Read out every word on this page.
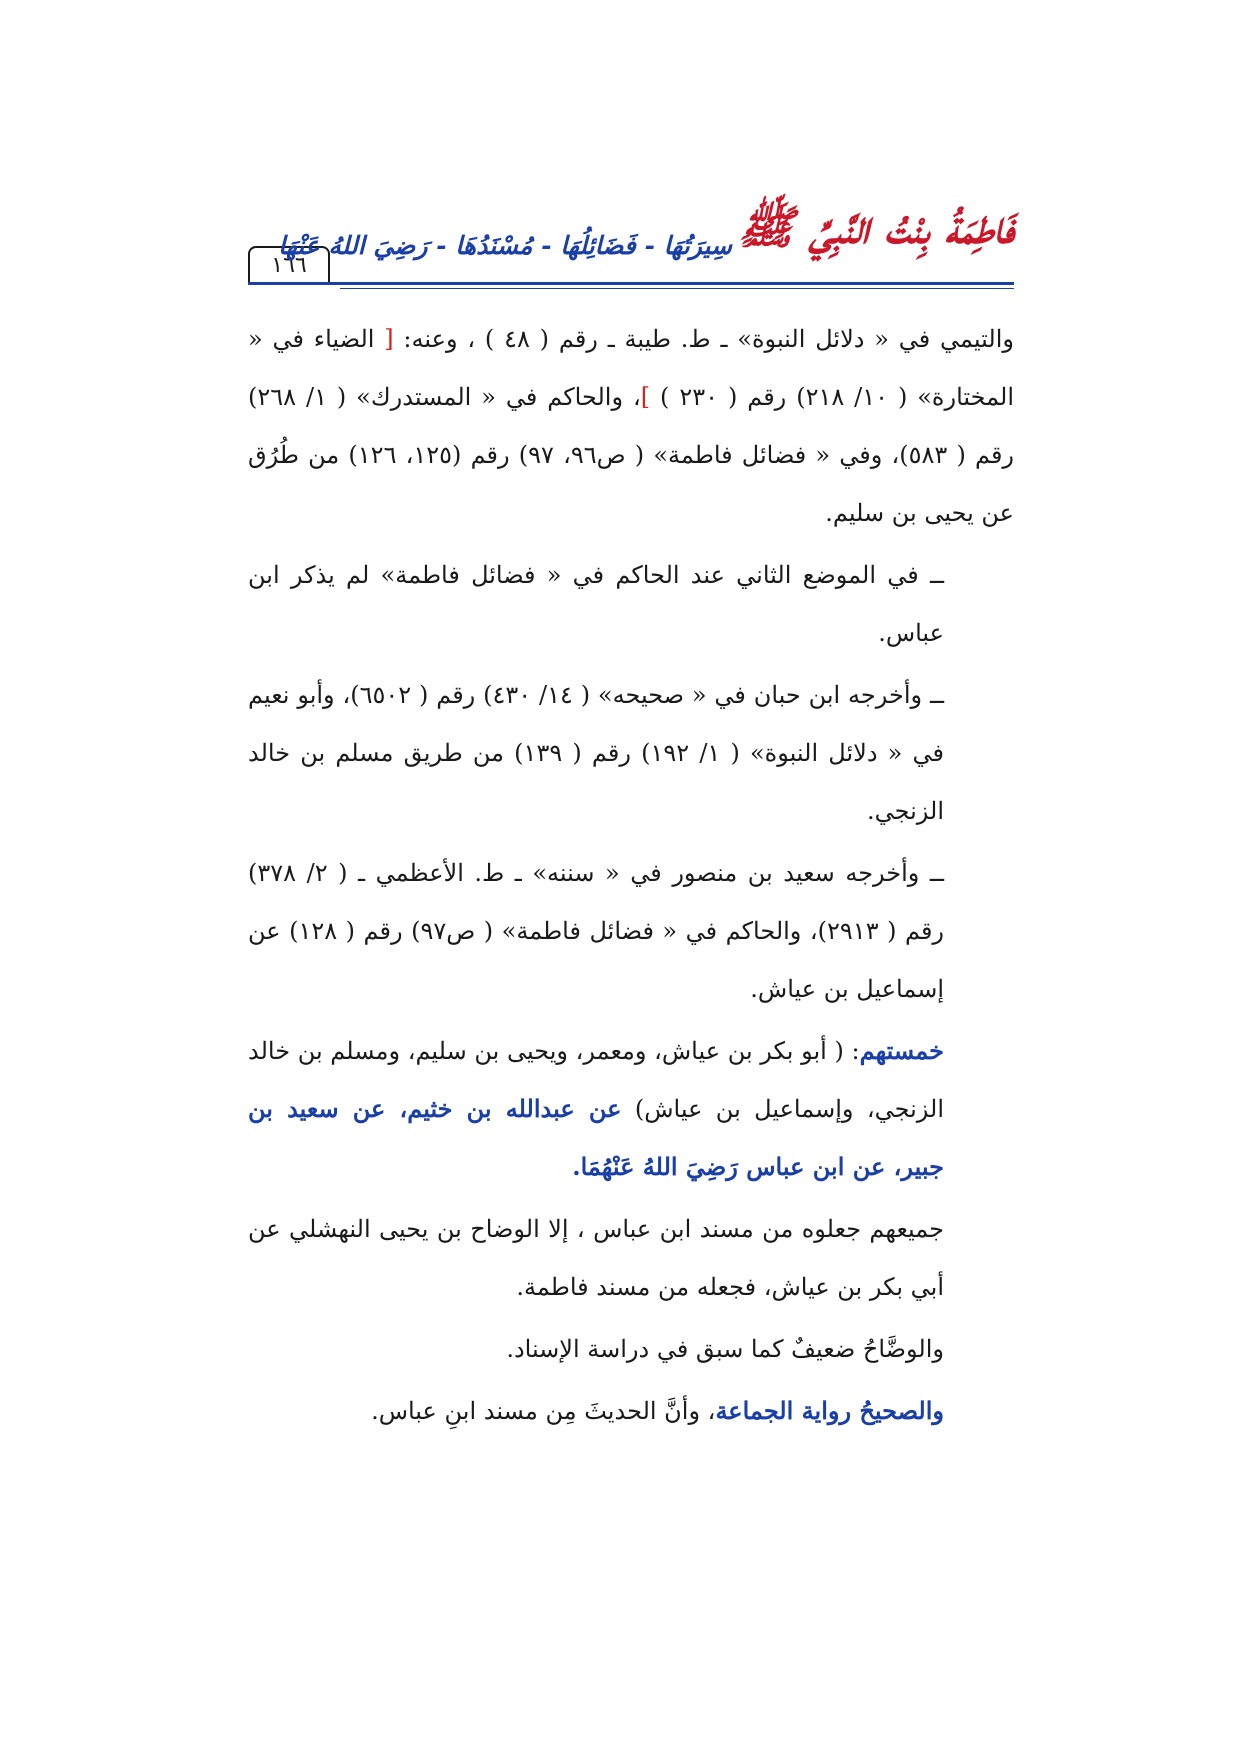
١٦٦
فَاطِمَةُ بِنْتُ النَّبِيِّ ﷺ
سِيرَتُهَا - فَضَائِلُهَا - مُسْنَدُهَا - رَضِيَ اللهُ عَنْهَا

والتيمي في « دلائل النبوة» ـ ط. طيبة ـ رقم ( ٤٨ ) ، وعنه: [ الضياء في « المختارة» ( ١٠/ ٢١٨) رقم ( ٢٣٠ ) ]، والحاكم في « المستدرك» ( ١/ ٢٦٨) رقم ( ٥٨٣)، وفي « فضائل فاطمة» ( ص٩٦، ٩٧) رقم (١٢٥، ١٢٦) من طُرُق عن يحيى بن سليم.

ــ في الموضع الثاني عند الحاكم في « فضائل فاطمة» لم يذكر ابن عباس.

ــ وأخرجه ابن حبان في « صحيحه» ( ١٤/ ٤٣٠) رقم ( ٦٥٠٢)، وأبو نعيم في « دلائل النبوة» ( ١/ ١٩٢) رقم ( ١٣٩) من طريق مسلم بن خالد الزنجي.

ــ وأخرجه سعيد بن منصور في « سننه» ـ ط. الأعظمي ـ ( ٢/ ٣٧٨) رقم ( ٢٩١٣)، والحاكم في « فضائل فاطمة» ( ص٩٧) رقم ( ١٢٨) عن إسماعيل بن عياش.

خمستهم: ( أبو بكر بن عياش، ومعمر، ويحيى بن سليم، ومسلم بن خالد الزنجي، وإسماعيل بن عياش) عن عبدالله بن خثيم، عن سعيد بن جبير، عن ابن عباس رَضِيَ اللهُ عَنْهُمَا.

جميعهم جعلوه من مسند ابن عباس ، إلا الوضاح بن يحيى النهشلي عن أبي بكر بن عياش، فجعله من مسند فاطمة.

والوضَّاحُ ضعيفٌ كما سبق في دراسة الإسناد.

والصحيحُ رواية الجماعة، وأنَّ الحديثَ مِن مسند ابنِ عباس.
